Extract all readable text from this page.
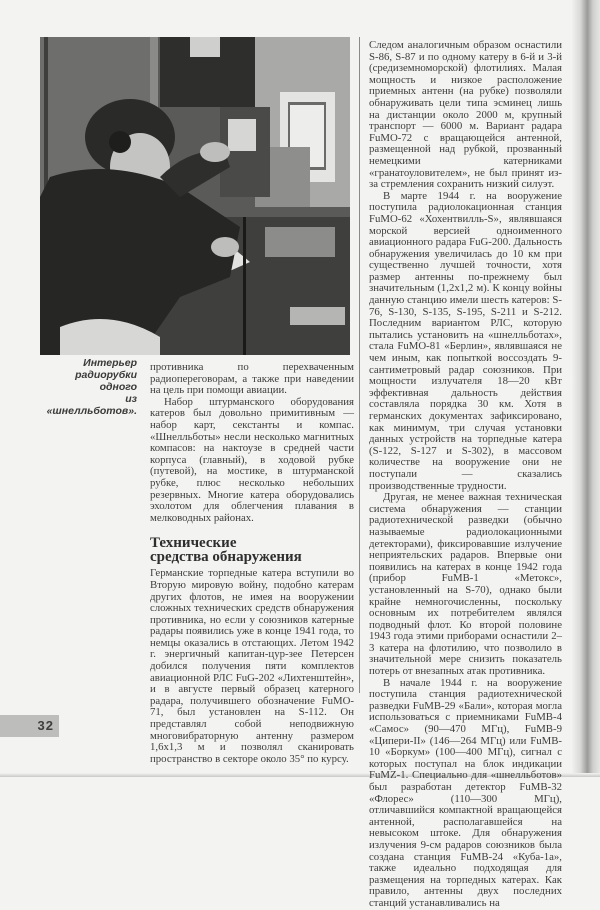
Интерьер
радиорубки одного
из «шнелльботов».

противника по перехваченным радиопереговорам, а также при наведении на цель при помощи авиации.

Набор штурманского оборудования катеров был довольно примитивным — набор карт, секстанты и компас. «Шнелльботы» несли несколько магнитных компасов: на нактоузе в средней части корпуса (главный), в ходовой рубке (путевой), на мостике, в штурманской рубке, плюс несколько небольших резервных. Многие катера оборудовались эхолотом для облегчения плавания в мелководных районах.

Технические
средства обнаружения

Германские торпедные катера вступили во Вторую мировую войну, подобно катерам других флотов, не имея на вооружении сложных технических средств обнаружения противника, но если у союзников катерные радары появились уже в конце 1941 года, то немцы оказались в отстающих. Летом 1942 г. энергичный капитан-цур-зее Петерсен добился получения пяти комплектов авиационной РЛС FuG-202 «Лихтенштейн», и в августе первый образец катерного радара, получившего обозначение FuMO-71, был установлен на S-112. Он представлял собой неподвижную многовибраторную антенну размером 1,6х1,3 м и позволял сканировать пространство в секторе около 35° по курсу.

Следом аналогичным образом оснастили S-86, S-87 и по одному катеру в 6-й и 3-й (средиземноморской) флотилиях. Малая мощность и низкое расположение приемных антенн (на рубке) позволяли обнаруживать цели типа эсминец лишь на дистанции около 2000 м, крупный транспорт — 6000 м. Вариант радара FuMO-72 с вращающейся антенной, размещенной над рубкой, прозванный немецкими катерниками «гранатоуловителем», не был принят из-за стремления сохранить низкий силуэт.

В марте 1944 г. на вооружение поступила радиолокационная станция FuMO-62 «Хохентвилль-S», являвшаяся морской версией одноименного авиационного радара FuG-200. Дальность обнаружения увеличилась до 10 км при существенно лучшей точности, хотя размер антенны по-прежнему был значительным (1,2х1,2 м). К концу войны данную станцию имели шесть катеров: S-76, S-130, S-135, S-195, S-211 и S-212. Последним вариантом РЛС, которую пытались установить на «шнелльботах», стала FuMO-81 «Берлин», являвшаяся не чем иным, как попыткой воссоздать 9-сантиметровый радар союзников. При мощности излучателя 18—20 кВт эффективная дальность действия составляла порядка 30 км. Хотя в германских документах зафиксировано, как минимум, три случая установки данных устройств на торпедные катера (S-122, S-127 и S-302), в массовом количестве на вооружение они не поступали — сказались производственные трудности.

Другая, не менее важная техническая система обнаружения — станции радиотехнической разведки (обычно называемые радиолокационными детекторами), фиксировавшие излучение неприятельских радаров. Впервые они появились на катерах в конце 1942 года (прибор FuMB-1 «Метокс», установленный на S-70), однако были крайне немногочисленны, поскольку основным их потребителем являлся подводный флот. Ко второй половине 1943 года этими приборами оснастили 2–3 катера на флотилию, что позволило в значительной мере снизить показатель потерь от внезапных атак противника.

В начале 1944 г. на вооружение поступила станция радиотехнической разведки FuMB-29 «Бали», которая могла использоваться с приемниками FuMB-4 «Самос» (90—470 МГц), FuMB-9 «Ципери-II» (146—264 МГц) или FuMB-10 «Боркум» (100—400 МГц), сигнал с которых поступал на блок индикации FuMZ-1. Специально для «шнелльботов» был разработан детектор FuMB-32 «Флорес» (110—300 МГц), отличавшийся компактной вращающейся антенной, располагавшейся на невысоком штоке. Для обнаружения излучения 9-см радаров союзников была создана станция FuMB-24 «Куба-1а», также идеально подходящая для размещения на торпедных катерах. Как правило, антенны двух последних станций устанавливались на

32
